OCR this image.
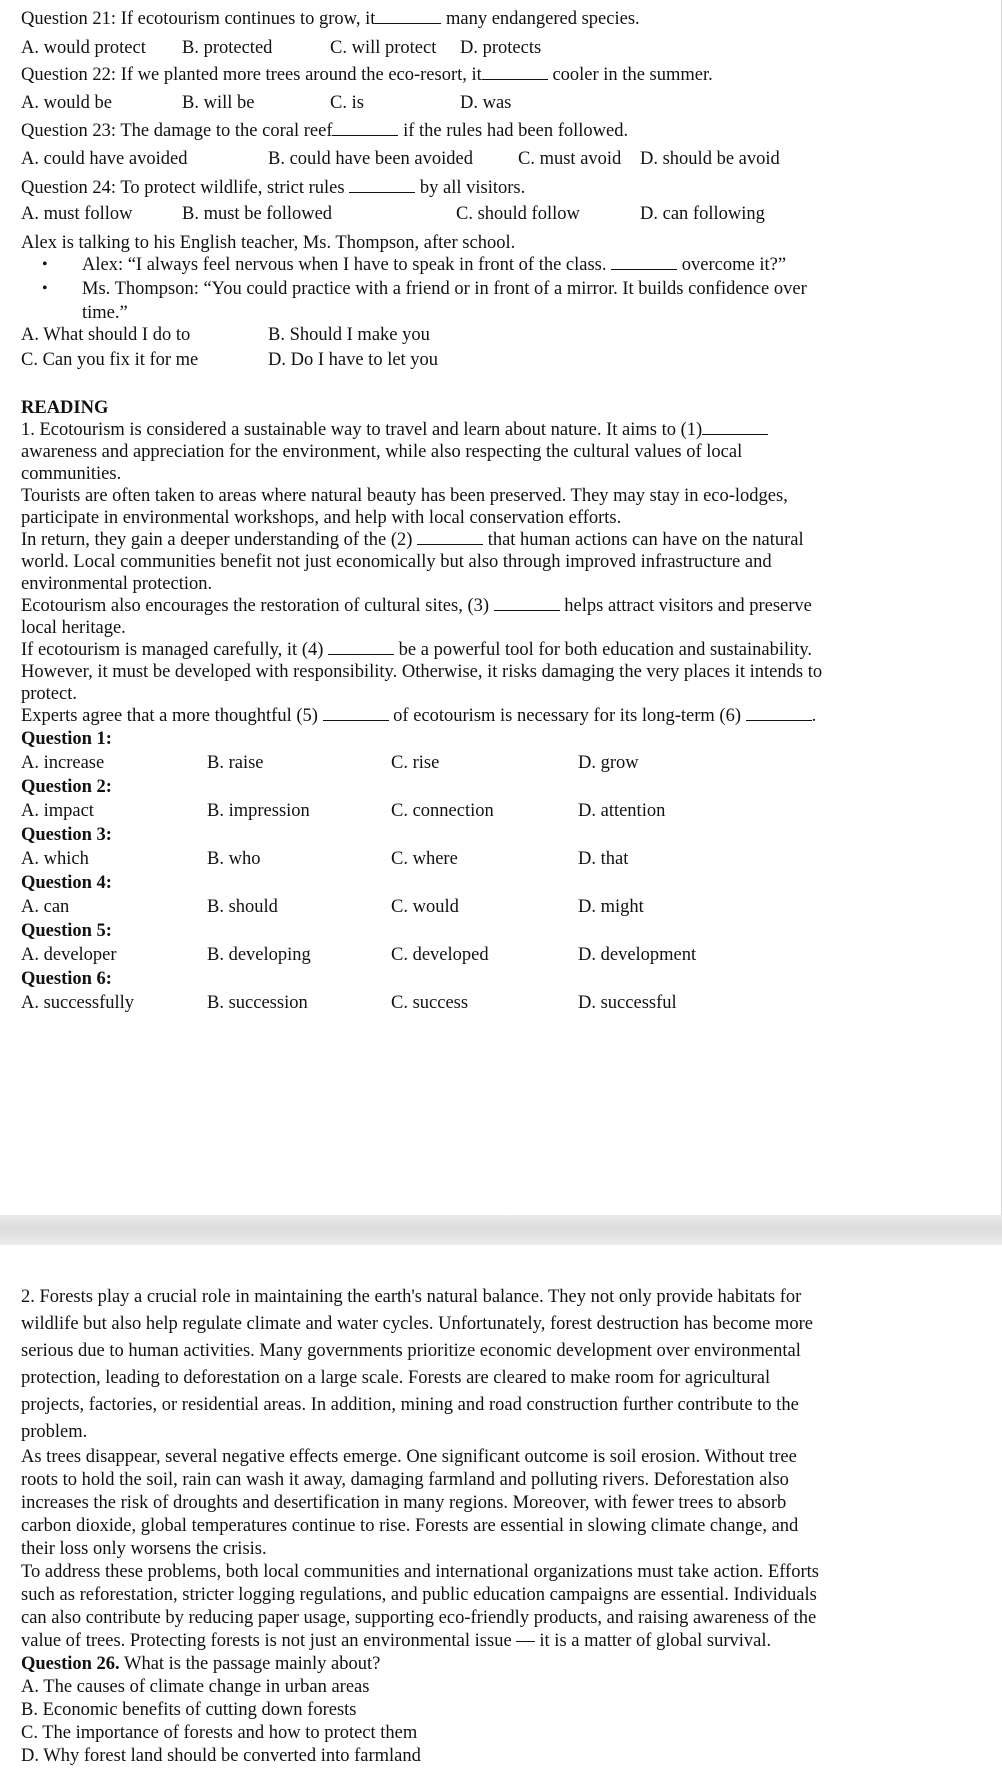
Question 21: If ecotourism continues to grow, it	many endangered species.
A. would protect B. protected	C. will protect D. protects
Question 22: If we planted more trees around the eco-resort, it	cooler in the summer.
A. would be	B. will be	C. is	D. was
Question 23: The damage to the coral reef	if the rules had been followed.
A. could have avoided	B. could have been avoided C. must avoid D. should be avoid
Question 24: To protect wildlife, strict rules	by all visitors.
A. must follow	B. must be followed	C. should follow	D. can following
Alex is talking to his English teacher, Ms. Thompson, after school.
• Alex: “I always feel nervous when I have to speak in front of the class.	overcome it?”
• Ms. Thompson: “You could practice with a friend or in front of a mirror. It builds confidence over
time.”
A. What should I do to	B. Should I make you
C. Can you fix it for me	D. Do I have to let you
READING
1. Ecotourism is considered a sustainable way to travel and learn about nature. It aims to (1)
awareness and appreciation for the environment, while also respecting the cultural values of local
communities.
Tourists are often taken to areas where natural beauty has been preserved. They may stay in eco-lodges,
participate in environmental workshops, and help with local conservation efforts.
In return, they gain a deeper understanding of the (2)	that human actions can have on the natural
world. Local communities benefit not just economically but also through improved infrastructure and
environmental protection.
Ecotourism also encourages the restoration of cultural sites, (3)	helps attract visitors and preserve
local heritage.
If ecotourism is managed carefully, it (4)	be a powerful tool for both education and sustainability.
However, it must be developed with responsibility. Otherwise, it risks damaging the very places it intends to
protect.
Experts agree that a more thoughtful (5)	of ecotourism is necessary for its long-term (6)	.
Question 1:
A. increase	B. raise	C. rise	D. grow
Question 2:
A. impact	B. impression	C. connection	D. attention
Question 3:
A. which	B. who	C. where	D. that
Question 4:
A. can	B. should	C. would	D. might
Question 5:
A. developer	B. developing	C. developed	D. development
Question 6:
A. successfully	B. succession	C. success	D. successful
2. Forests play a crucial role in maintaining the earth's natural balance. They not only provide habitats for
wildlife but also help regulate climate and water cycles. Unfortunately, forest destruction has become more
serious due to human activities. Many governments prioritize economic development over environmental
protection, leading to deforestation on a large scale. Forests are cleared to make room for agricultural
projects, factories, or residential areas. In addition, mining and road construction further contribute to the
problem.
As trees disappear, several negative effects emerge. One significant outcome is soil erosion. Without tree
roots to hold the soil, rain can wash it away, damaging farmland and polluting rivers. Deforestation also
increases the risk of droughts and desertification in many regions. Moreover, with fewer trees to absorb
carbon dioxide, global temperatures continue to rise. Forests are essential in slowing climate change, and
their loss only worsens the crisis.
To address these problems, both local communities and international organizations must take action. Efforts
such as reforestation, stricter logging regulations, and public education campaigns are essential. Individuals
can also contribute by reducing paper usage, supporting eco-friendly products, and raising awareness of the
value of trees. Protecting forests is not just an environmental issue — it is a matter of global survival.
Question 26. What is the passage mainly about?
A. The causes of climate change in urban areas
B. Economic benefits of cutting down forests
C. The importance of forests and how to protect them
D. Why forest land should be converted into farmland
